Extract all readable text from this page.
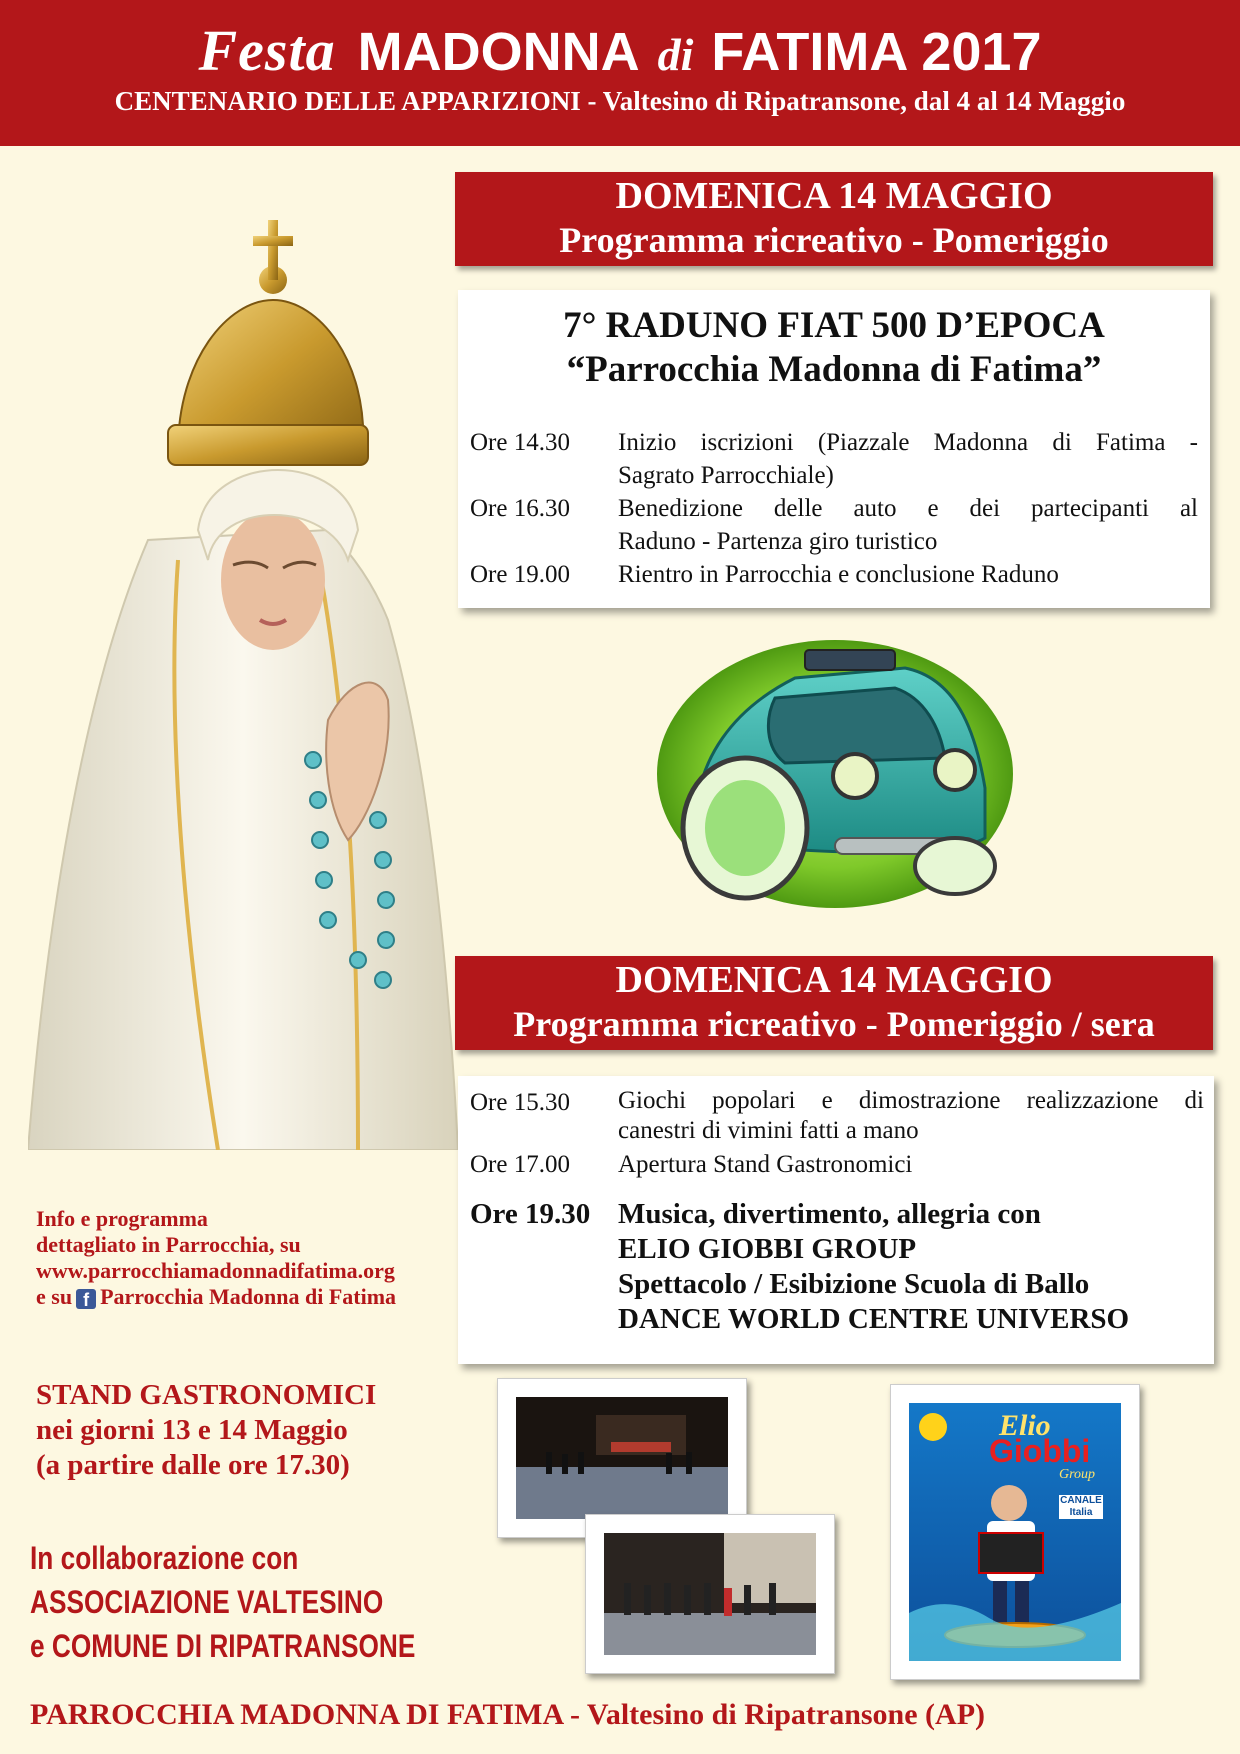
Festa MADONNA di FATIMA 2017
CENTENARIO DELLE APPARIZIONI - Valtesino di Ripatransone, dal 4 al 14 Maggio
DOMENICA 14 MAGGIO
Programma ricreativo - Pomeriggio
7° RADUNO FIAT 500 D’EPOCA
“Parrocchia Madonna di Fatima”
Ore 14.30	Inizio iscrizioni (Piazzale Madonna di Fatima -
Sagrato Parrocchiale)
Ore 16.30	Benedizione delle auto e dei partecipanti al
Raduno - Partenza giro turistico
Ore 19.00	Rientro in Parrocchia e conclusione Raduno
DOMENICA 14 MAGGIO
Programma ricreativo - Pomeriggio / sera
Ore 15.30	Giochi popolari e dimostrazione realizzazione di
canestri di vimini fatti a mano
Ore 17.00	Apertura Stand Gastronomici
Ore 19.30 Musica, divertimento, allegria con
ELIO GIOBBI GROUP
Spettacolo / Esibizione Scuola di Ballo
DANCE WORLD CENTRE UNIVERSO
Info e programma
dettagliato in Parrocchia, su
www.parrocchiamadonnadifatima.org
e su f Parrocchia Madonna di Fatima
STAND GASTRONOMICI
nei giorni 13 e 14 Maggio
(a partire dalle ore 17.30)
In collaborazione con
ASSOCIAZIONE VALTESINO
e COMUNE DI RIPATRANSONE
Elio
Giobbi
Group
CANALE
Italia
PARROCCHIA MADONNA DI FATIMA - Valtesino di Ripatransone (AP)
